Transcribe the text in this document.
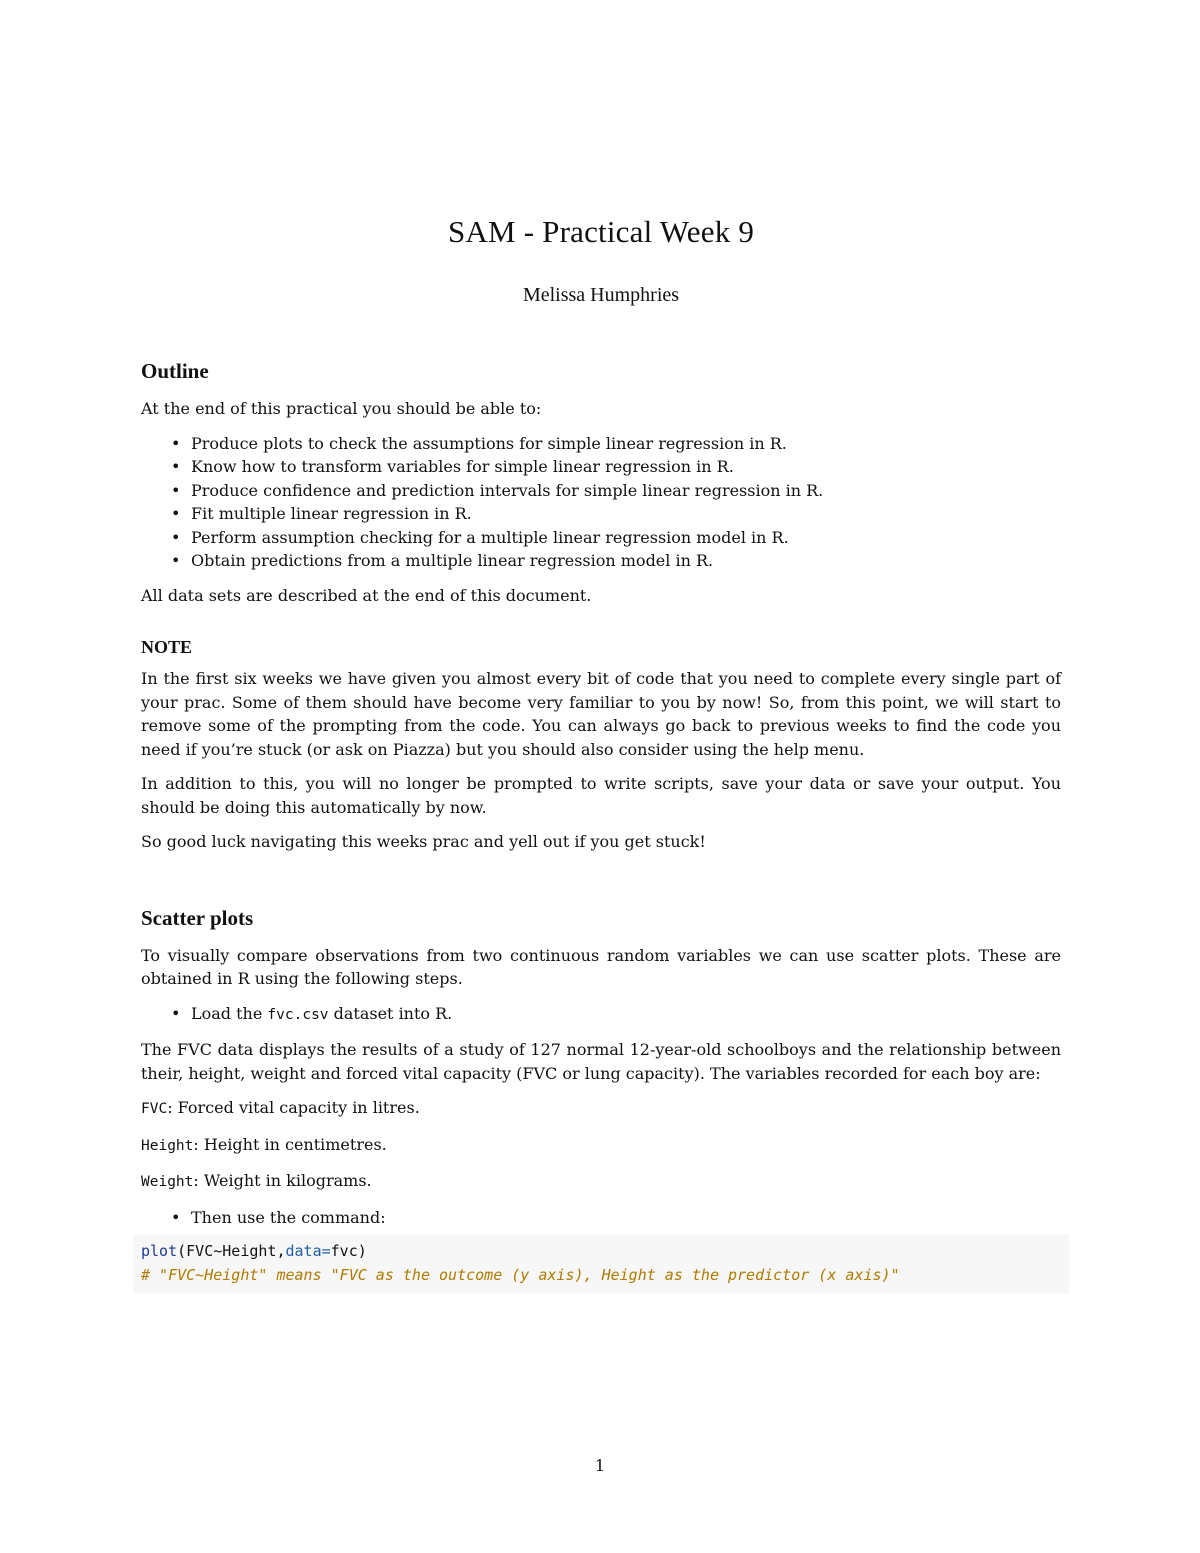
SAM - Practical Week 9
Melissa Humphries
Outline

At the end of this practical you should be able to:

• Produce plots to check the assumptions for simple linear regression in R.
• Know how to transform variables for simple linear regression in R.
• Produce confidence and prediction intervals for simple linear regression in R.
• Fit multiple linear regression in R.
• Perform assumption checking for a multiple linear regression model in R.
• Obtain predictions from a multiple linear regression model in R.

All data sets are described at the end of this document.

NOTE

In the first six weeks we have given you almost every bit of code that you need to complete every single part of your prac. Some of them should have become very familiar to you by now! So, from this point, we will start to remove some of the prompting from the code. You can always go back to previous weeks to find the code you need if you’re stuck (or ask on Piazza) but you should also consider using the help menu.

In addition to this, you will no longer be prompted to write scripts, save your data or save your output. You should be doing this automatically by now.

So good luck navigating this weeks prac and yell out if you get stuck!

Scatter plots

To visually compare observations from two continuous random variables we can use scatter plots. These are obtained in R using the following steps.

• Load the fvc.csv dataset into R.

The FVC data displays the results of a study of 127 normal 12-year-old schoolboys and the relationship between their, height, weight and forced vital capacity (FVC or lung capacity). The variables recorded for each boy are:

FVC: Forced vital capacity in litres.

Height: Height in centimetres.

Weight: Weight in kilograms.

• Then use the command:
plot(FVC~Height,data=fvc)
# "FVC~Height" means "FVC as the outcome (y axis), Height as the predictor (x axis)"
1
